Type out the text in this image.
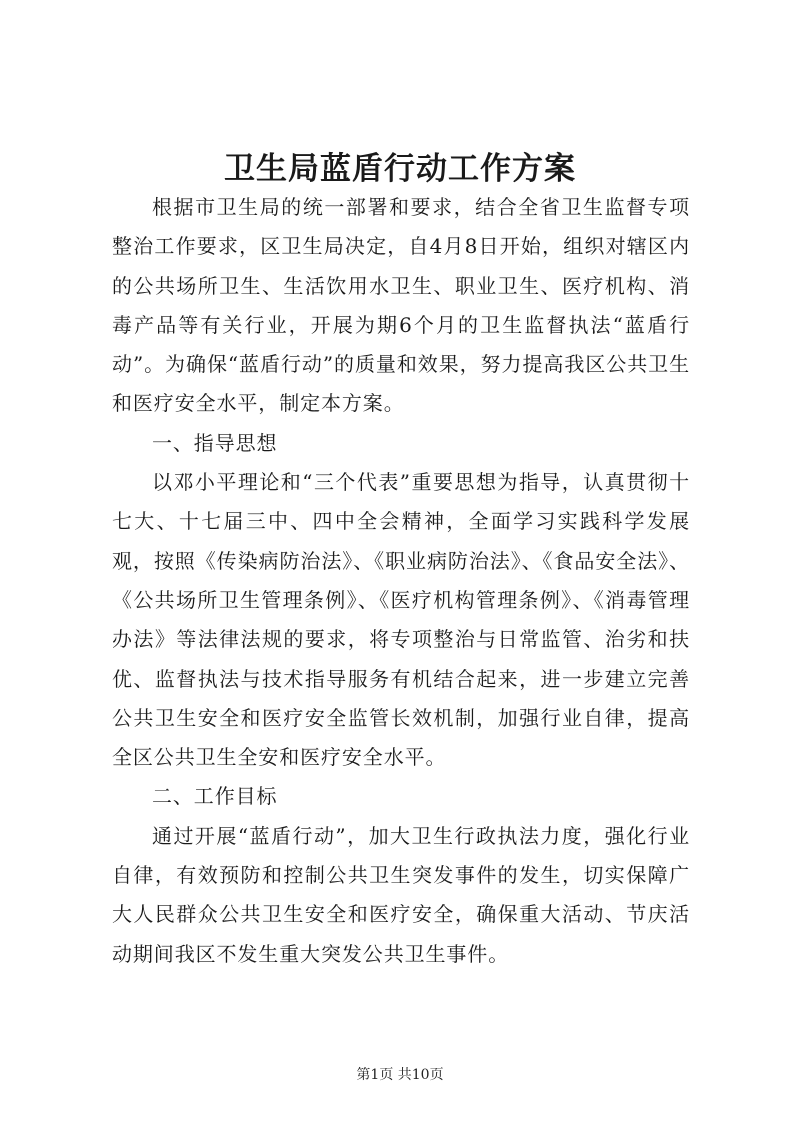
卫生局蓝盾行动工作方案

根据市卫生局的统一部署和要求，结合全省卫生监督专项整治工作要求，区卫生局决定，自4月8日开始，组织对辖区内的公共场所卫生、生活饮用水卫生、职业卫生、医疗机构、消毒产品等有关行业，开展为期6个月的卫生监督执法“蓝盾行动”。为确保“蓝盾行动”的质量和效果，努力提高我区公共卫生和医疗安全水平，制定本方案。

一、指导思想

以邓小平理论和“三个代表”重要思想为指导，认真贯彻十七大、十七届三中、四中全会精神，全面学习实践科学发展观，按照《传染病防治法》、《职业病防治法》、《食品安全法》、《公共场所卫生管理条例》、《医疗机构管理条例》、《消毒管理办法》等法律法规的要求，将专项整治与日常监管、治劣和扶优、监督执法与技术指导服务有机结合起来，进一步建立完善公共卫生安全和医疗安全监管长效机制，加强行业自律，提高全区公共卫生全安和医疗安全水平。

二、工作目标

通过开展“蓝盾行动”，加大卫生行政执法力度，强化行业自律，有效预防和控制公共卫生突发事件的发生，切实保障广大人民群众公共卫生安全和医疗安全，确保重大活动、节庆活动期间我区不发生重大突发公共卫生事件。

第1页 共10页
